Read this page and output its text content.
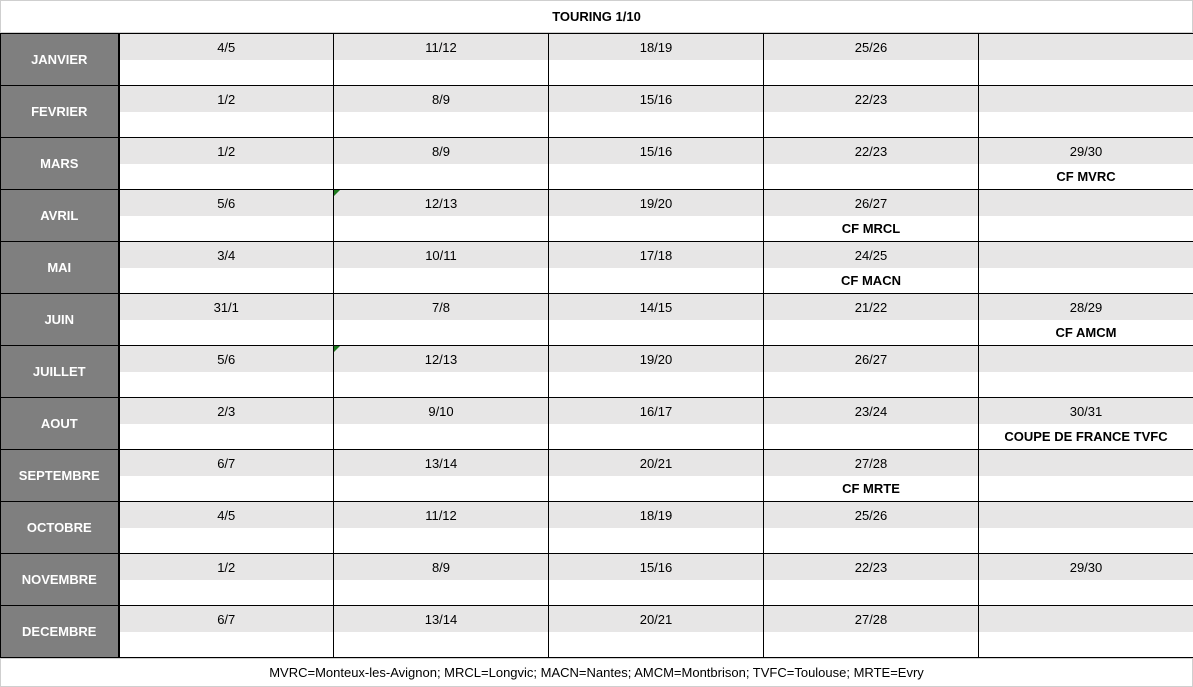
TOURING 1/10
JANVIER	4/5	11/12	18/19	25/26	

FEVRIER	1/2	8/9	15/16	22/23	

MARS	1/2	8/9	15/16	22/23	29/30
					CF MVRC
AVRIL	5/6	12/13	19/20	26/27	
				CF MRCL	
MAI	3/4	10/11	17/18	24/25	
				CF MACN	
JUIN	31/1	7/8	14/15	21/22	28/29
					CF AMCM
JUILLET	5/6	12/13	19/20	26/27	

AOUT	2/3	9/10	16/17	23/24	30/31
					COUPE DE FRANCE TVFC
SEPTEMBRE	6/7	13/14	20/21	27/28	
				CF MRTE	
OCTOBRE	4/5	11/12	18/19	25/26	

NOVEMBRE	1/2	8/9	15/16	22/23	29/30

DECEMBRE	6/7	13/14	20/21	27/28	

MVRC=Monteux-les-Avignon; MRCL=Longvic; MACN=Nantes; AMCM=Montbrison; TVFC=Toulouse; MRTE=Evry
